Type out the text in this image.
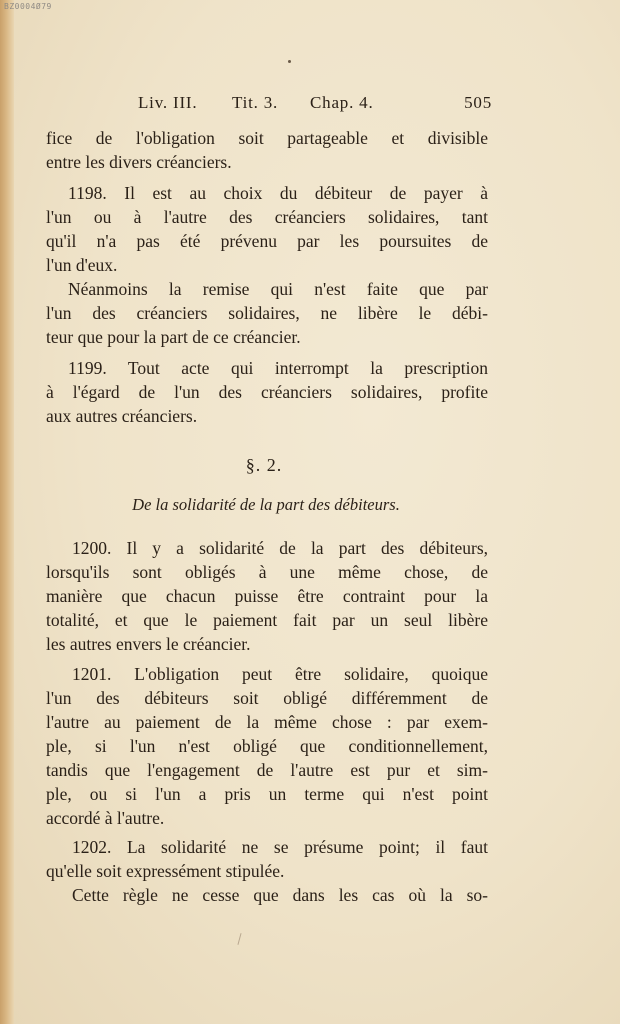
BZ0004Ø79
Liv. III. Tit. 3. Chap. 4.	505
fice de l'obligation soit partageable et divisible
entre les divers créanciers.
1198. Il est au choix du débiteur de payer à
l'un ou à l'autre des créanciers solidaires, tant
qu'il n'a pas été prévenu par les poursuites de
l'un d'eux.
Néanmoins la remise qui n'est faite que par
l'un des créanciers solidaires, ne libère le débi-
teur que pour la part de ce créancier.
1199. Tout acte qui interrompt la prescription
à l'égard de l'un des créanciers solidaires, profite
aux autres créanciers.
§. 2.
De la solidarité de la part des débiteurs.
1200. Il y a solidarité de la part des débiteurs,
lorsqu'ils sont obligés à une même chose, de
manière que chacun puisse être contraint pour la
totalité, et que le paiement fait par un seul libère
les autres envers le créancier.
1201. L'obligation peut être solidaire, quoique
l'un des débiteurs soit obligé différemment de
l'autre au paiement de la même chose : par exem-
ple, si l'un n'est obligé que conditionnellement,
tandis que l'engagement de l'autre est pur et sim-
ple, ou si l'un a pris un terme qui n'est point
accordé à l'autre.
1202. La solidarité ne se présume point; il faut
qu'elle soit expressément stipulée.
Cette règle ne cesse que dans les cas où la so-
